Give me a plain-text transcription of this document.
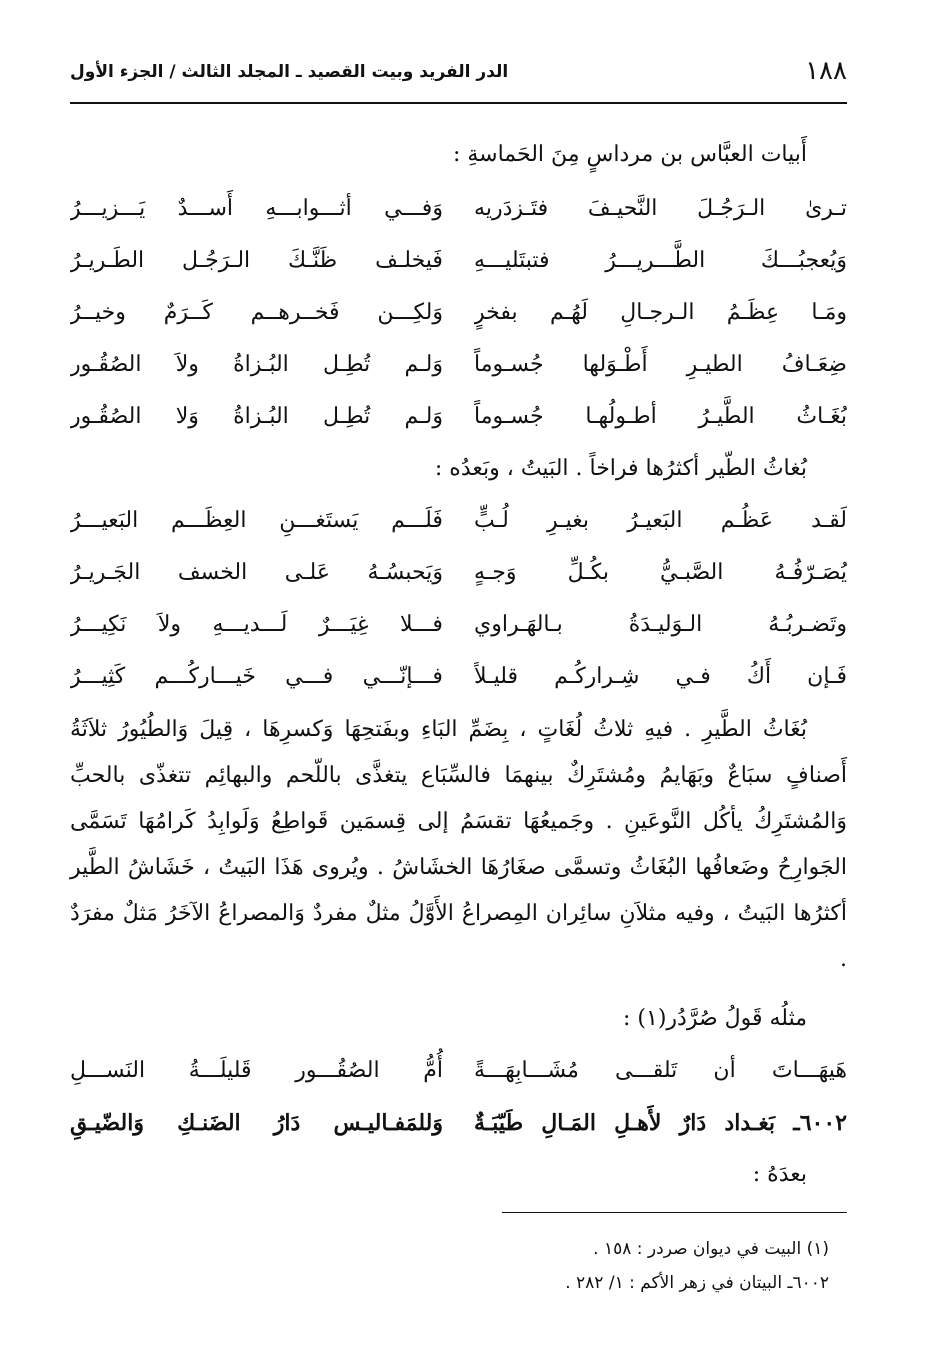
١٨٨
الدر الفريد وبيت القصيد ـ المجلد الثالث / الجزء الأول
أَبيات العبَّاس بن مرداسٍ مِنَ الحَماسةِ :
تـرىٰ الـرَجُـلَ النَّحيـفَ فتَـزدَريه
وَفـــي أثـــوابـــهِ أَســـدٌ يَـــزيـــرُ
وَيُعجبُـــكَ الطَّـــريـــرُ فتبتَليـــهِ
فَيخلـف ظَنَّـكَ الـرَجُـل الطَـريـرُ
ومَـا عِظَـمُ الـرجـالِ لَهُـم بفخرٍ
وَلكِـــن فَخــرهــم كَــرَمٌ وخيــرُ
ضِعَـافُ الطيـرِ أَطْـوَلها جُسـوماً
وَلـم تُطِـل البُـزاةُ ولاَ الصُقُـور
بُغَـاثُ الطَّيـرُ أطـولُهـا جُسـوماً
وَلـم تُطِـل البُـزاةُ وَلا الصُقُـور
بُغاثُ الطّير أكثرُها فراخاً . البَيتُ ، وبَعدُه :
لَقـد عَظُـم البَعيـرُ بغيـرِ لُـبٍّ
فَلَـــم يَستَغـــنِ العِظَـــم البَعيـــرُ
يُصَـرّفُـهُ الصَّبـيُّ بكُـلِّ وَجـهٍ
وَيَحبسُـهُ عَلـى الخسف الجَـريـرُ
وتَضـربُـهُ الـوَليـدَةُ بـالهَـراوي
فـــلا غِيَـــرٌ لَـــديـــهِ ولاَ نَكِيـــرُ
فَـإن أَكُ فـي شِـراركُـم قليـلاً
فـــإنّـــي فـــي خَيـــاركُـــم كَثِيـــرُ

بُغَاثُ الطَّيرِ . فيهِ ثلاثُ لُغَاتٍ ، بِضَمِّ البَاءِ وبفَتحِهَا وَكسرِهَا ، قِيلَ وَالطُيُورُ ثلاَثَةُ أَصنافٍ سبَاعٌ وبَهَايمُ ومُشتَرِكٌ بينهمَا فالسِّبَاع يتغذَّى باللّحم والبهائِم تتغذّى بالحبِّ وَالمُشتَرِكُ يأكُل النَّوعَينِ . وجَميعُهَا تقسَمُ إلى قِسمَين قَواطِعُ وَلَوابِدُ كَرامُهَا تَسَمَّى الجَوارِحُ وضَعافُها البُغَاثُ وتسمَّى صغَارُهَا الخشَاشُ . ويُروى هَذَا البَيتُ ، خَشَاشُ الطَّير أكثرُها البَيتُ ، وفيه مثلاَنِ سائِران المِصراعُ الأَوَّلُ مثلٌ مفردٌ وَالمصراعُ الآخَرُ مَثلٌ مفرَدٌ .

مثلُه قَولُ صُرَّدُر(١) :
هَيهَـــاتَ أن تَلقـــى مُشَـــابِهَـــةً
أُمُّ الصُقُـــور قَليلَـــةُ النَســـلِ
٦٠٠٢ـ بَغـداد دَارٌ لأَهـلِ المَـالِ طَيّبَـةٌ
وَللمَفـاليـس دَارُ الضَنـكِ وَالضّيـقِ
بعدَهُ :
(١) البيت في ديوان صردر : ١٥٨ .
٦٠٠٢ـ البيتان في زهر الأكم : ١/ ٢٨٢ .
